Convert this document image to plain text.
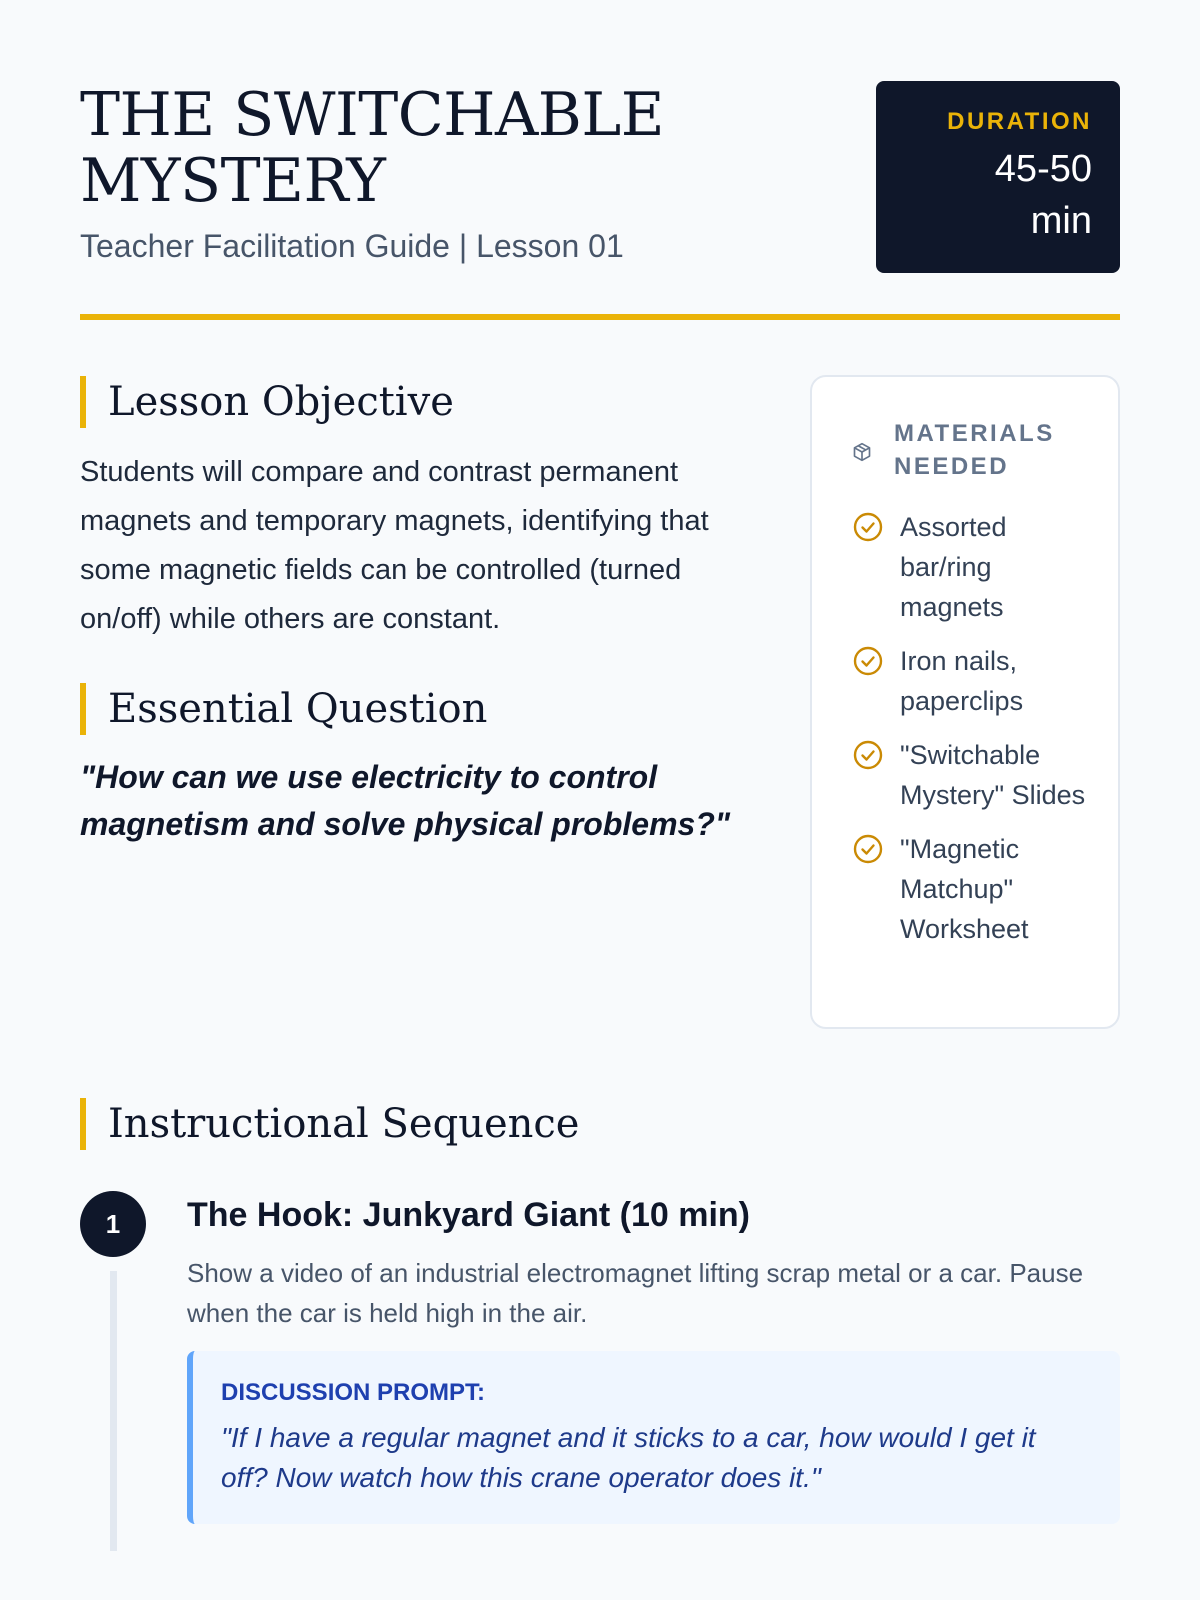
THE SWITCHABLE MYSTERY
Teacher Facilitation Guide | Lesson 01
DURATION
45-50 min
Lesson Objective

Students will compare and contrast permanent magnets and temporary magnets, identifying that some magnetic fields can be controlled (turned on/off) while others are constant.

Essential Question

"How can we use electricity to control magnetism and solve physical problems?"

MATERIALS NEEDED
Assorted bar/ring magnets
Iron nails, paperclips
"Switchable Mystery" Slides
"Magnetic Matchup" Worksheet
Instructional Sequence
1	The Hook: Junkyard Giant (10 min)

Show a video of an industrial electromagnet lifting scrap metal or a car. Pause when the car is held high in the air.

DISCUSSION PROMPT:
"If I have a regular magnet and it sticks to a car, how would I get it off? Now watch how this crane operator does it."
